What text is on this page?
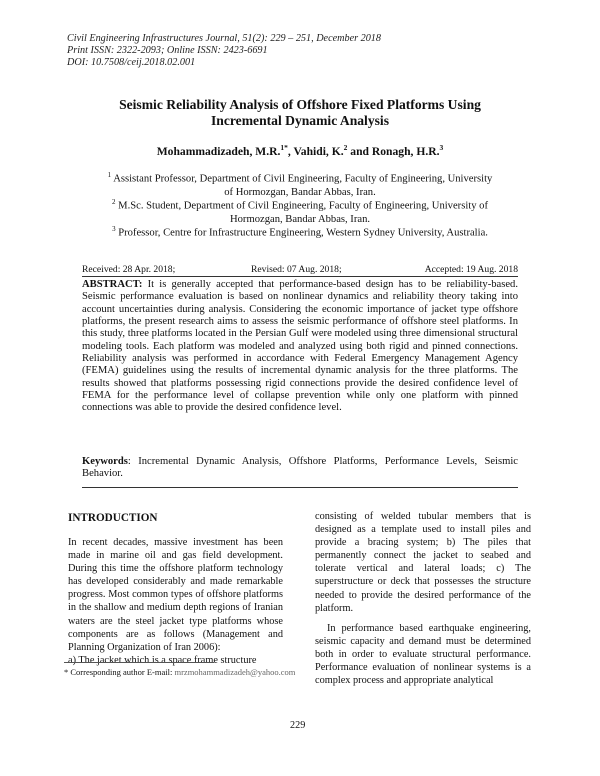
Civil Engineering Infrastructures Journal, 51(2): 229 – 251, December 2018
Print ISSN: 2322-2093; Online ISSN: 2423-6691
DOI: 10.7508/ceij.2018.02.001
Seismic Reliability Analysis of Offshore Fixed Platforms Using
Incremental Dynamic Analysis
Mohammadizadeh, M.R.$^{1*}$, Vahidi, K.$^2$ and Ronagh, H.R.$^3$
$^1$ Assistant Professor, Department of Civil Engineering, Faculty of Engineering, University
of Hormozgan, Bandar Abbas, Iran.
$^2$ M.Sc. Student, Department of Civil Engineering, Faculty of Engineering, University of
Hormozgan, Bandar Abbas, Iran.
$^3$ Professor, Centre for Infrastructure Engineering, Western Sydney University, Australia.
Received: 28 Apr. 2018;	Revised: 07 Aug. 2018;	Accepted: 19 Aug. 2018
ABSTRACT: It is generally accepted that performance-based design has to be reliability-based. Seismic performance evaluation is based on nonlinear dynamics and reliability theory taking into account uncertainties during analysis. Considering the economic importance of jacket type offshore platforms, the present research aims to assess the seismic performance of offshore steel platforms. In this study, three platforms located in the Persian Gulf were modeled using three dimensional structural modeling tools. Each platform was modeled and analyzed using both rigid and pinned connections. Reliability analysis was performed in accordance with Federal Emergency Management Agency (FEMA) guidelines using the results of incremental dynamic analysis for the three platforms. The results showed that platforms possessing rigid connections provide the desired confidence level of FEMA for the performance level of collapse prevention while only one platform with pinned connections was able to provide the desired confidence level.
Keywords: Incremental Dynamic Analysis, Offshore Platforms, Performance Levels, Seismic Behavior.
INTRODUCTION

In recent decades, massive investment has been made in marine oil and gas field development. During this time the offshore platform technology has developed considerably and made remarkable progress. Most common types of offshore platforms in the shallow and medium depth regions of Iranian waters are the steel jacket type platforms whose components are as follows (Management and Planning Organization of Iran 2006):

a) The jacket which is a space frame structure

consisting of welded tubular members that is designed as a template used to install piles and provide a bracing system; b) The piles that permanently connect the jacket to seabed and tolerate vertical and lateral loads; c) The superstructure or deck that possesses the structure needed to provide the desired performance of the platform.

In performance based earthquake engineering, seismic capacity and demand must be determined both in order to evaluate structural performance. Performance evaluation of nonlinear systems is a complex process and appropriate analytical

* Corresponding author E-mail: mrzmohammadizadeh@yahoo.com
229
